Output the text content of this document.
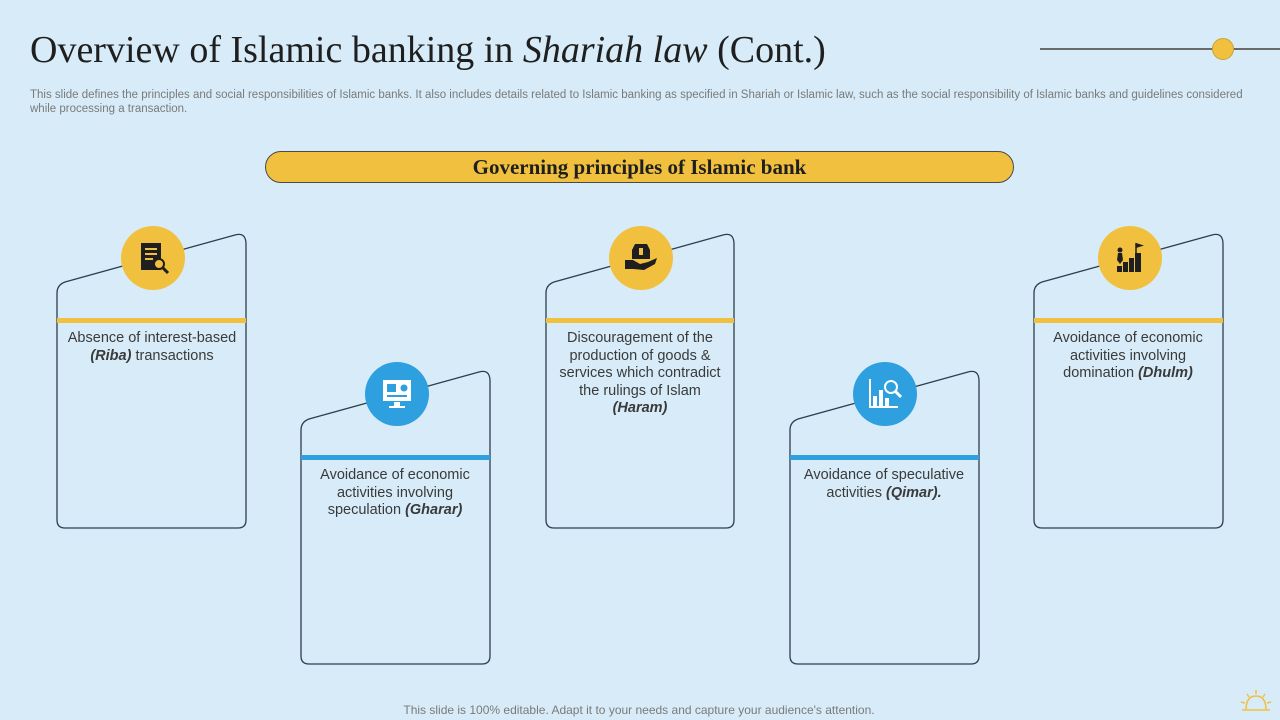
Overview of Islamic banking in Shariah law (Cont.)

This slide defines the principles and social responsibilities of Islamic banks. It also includes details related to Islamic banking as specified in Shariah or Islamic law, such as the social responsibility of Islamic banks and guidelines considered while processing a transaction.

Governing principles of Islamic bank
Absence of interest-based
(Riba) transactions
Avoidance of economic activities involving speculation (Gharar)
Discouragement of the production of goods & services which contradict the rulings of Islam (Haram)
Avoidance of speculative activities (Qimar).
Avoidance of economic activities involving domination (Dhulm)
This slide is 100% editable. Adapt it to your needs and capture your audience's attention.
